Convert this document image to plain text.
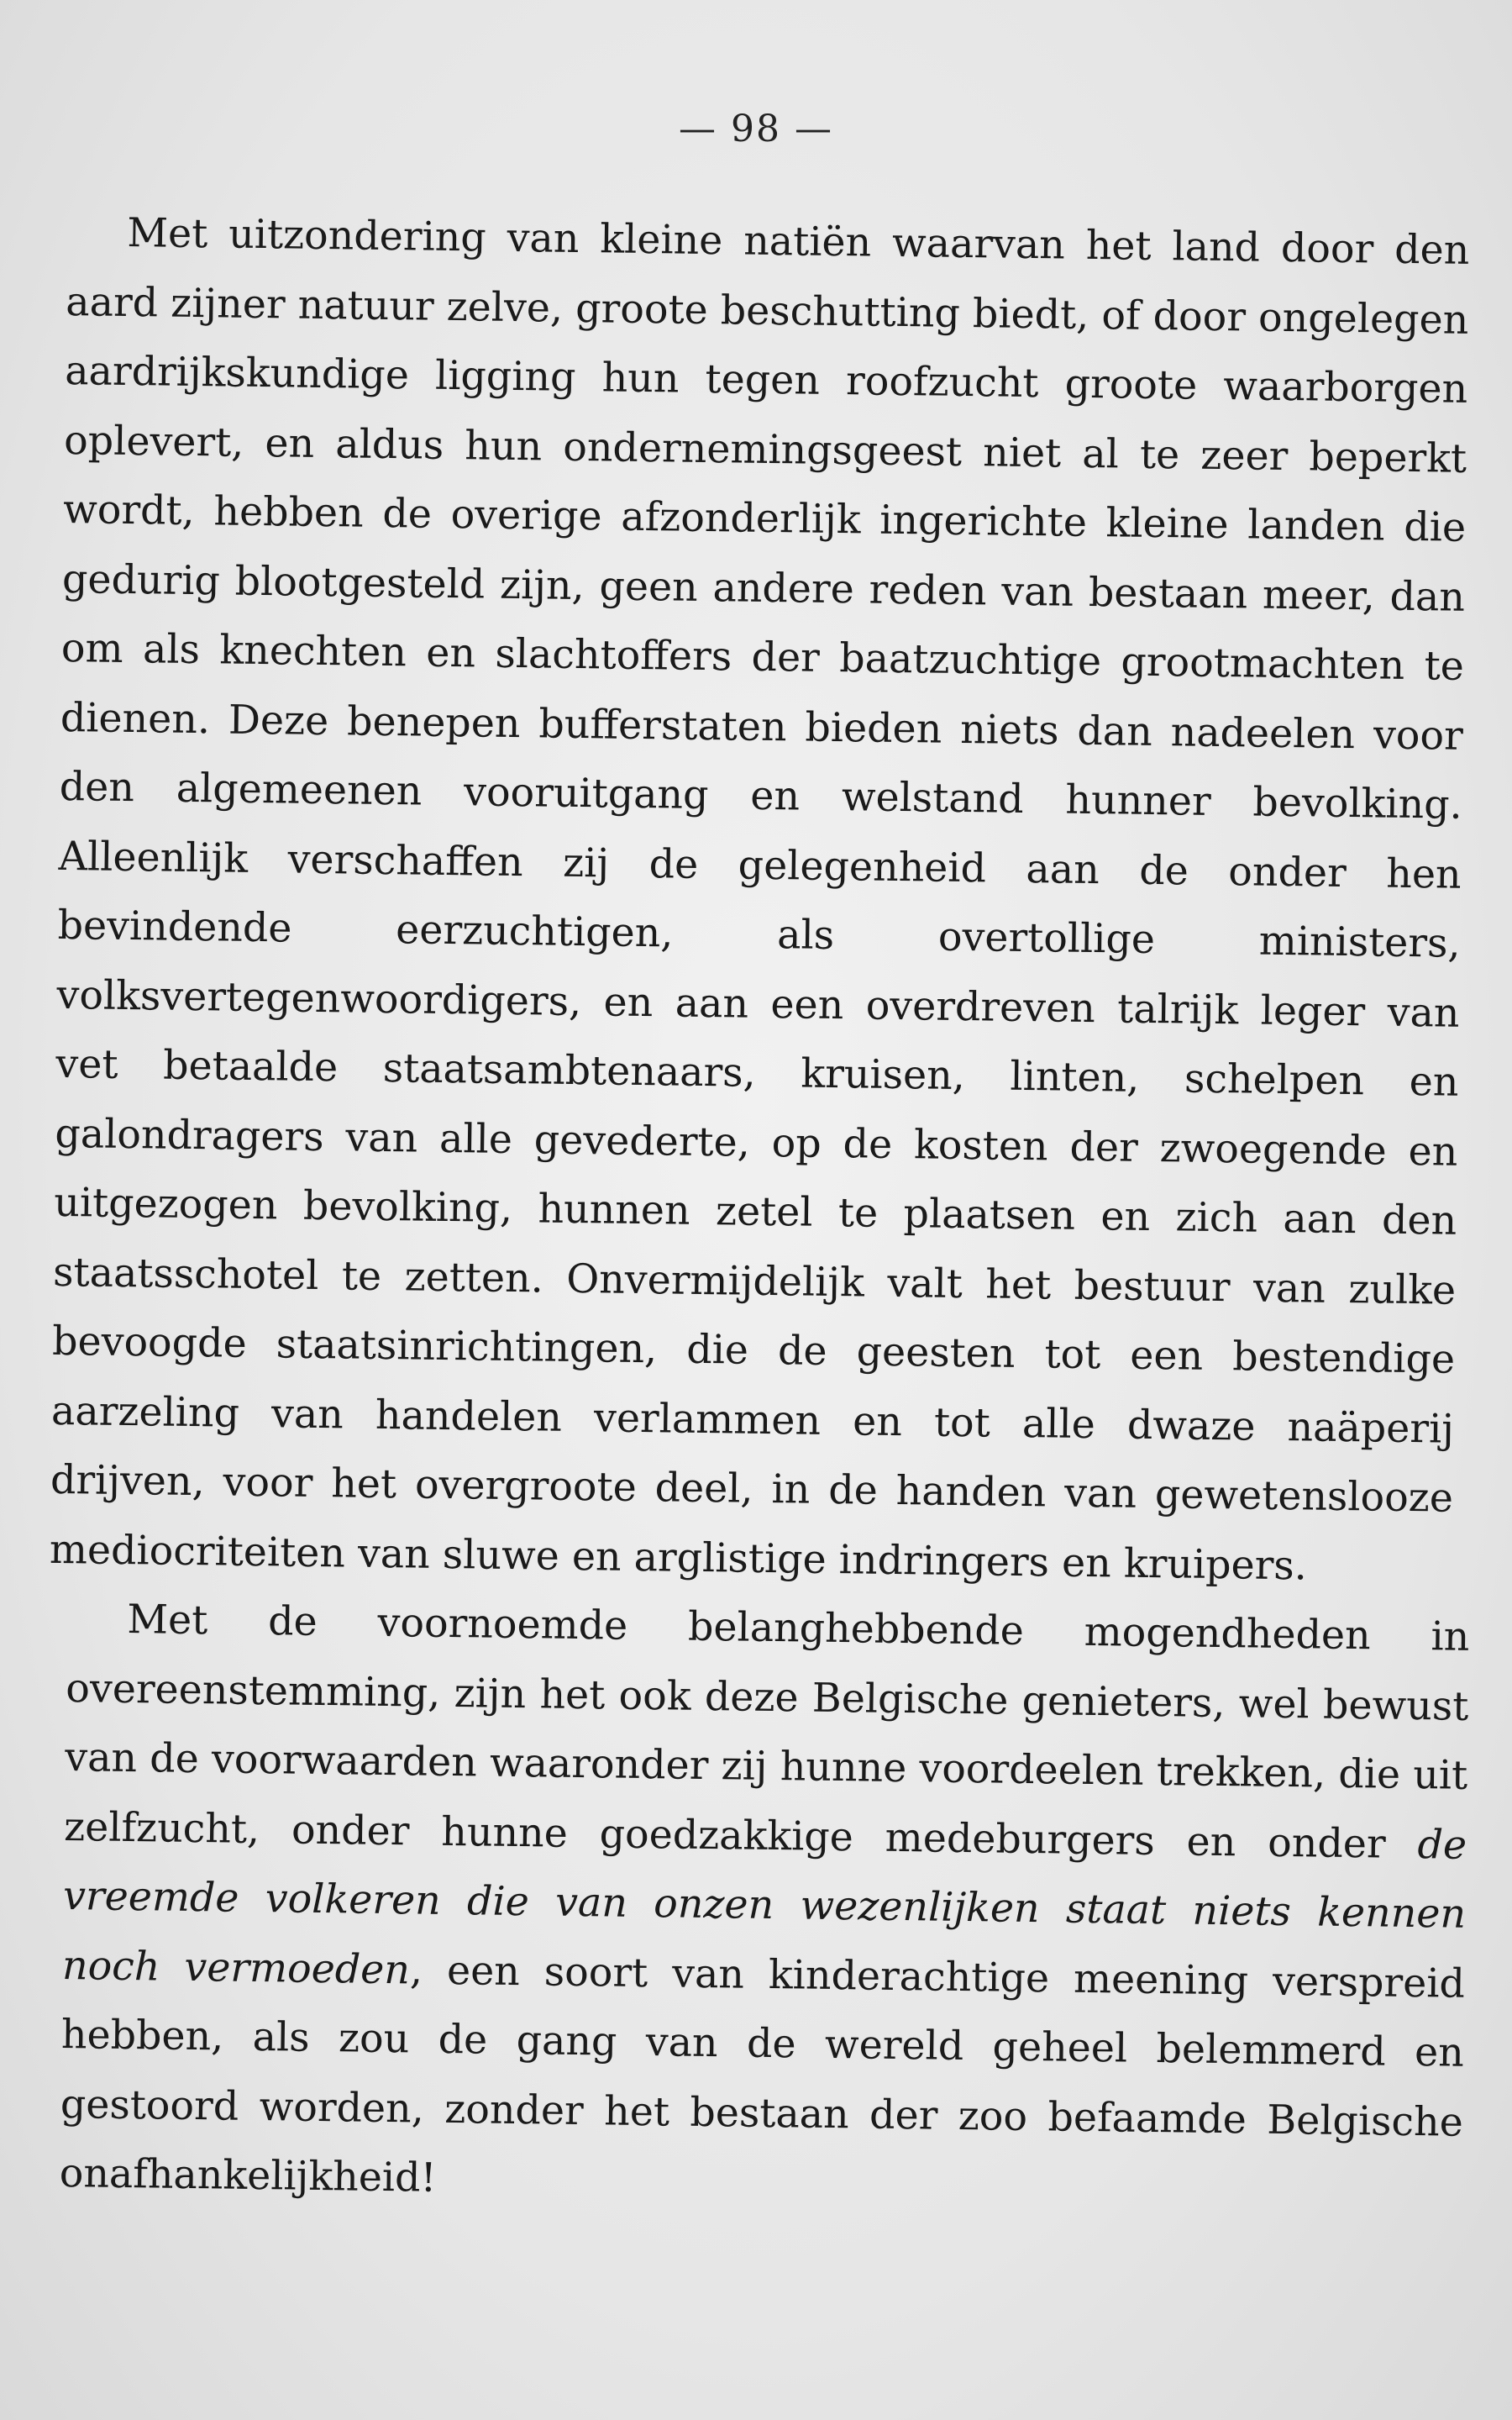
— 98 —

Met uitzondering van kleine natiën waarvan het land door den aard zijner natuur zelve, groote beschutting biedt, of door ongelegen aardrijkskundige ligging hun tegen roofzucht groote waarborgen oplevert, en aldus hun ondernemingsgeest niet al te zeer beperkt wordt, hebben de overige afzonderlijk ingerichte kleine landen die gedurig blootgesteld zijn, geen andere reden van bestaan meer, dan om als knechten en slachtoffers der baatzuchtige grootmachten te dienen. Deze benepen bufferstaten bieden niets dan nadeelen voor den algemeenen vooruitgang en welstand hunner bevolking. Alleenlijk verschaffen zij de gelegenheid aan de onder hen bevindende eerzuchtigen, als overtollige ministers, volksvertegenwoordigers, en aan een overdreven talrijk leger van vet betaalde staatsambtenaars, kruisen, linten, schelpen en galondragers van alle gevederte, op de kosten der zwoegende en uitgezogen bevolking, hunnen zetel te plaatsen en zich aan den staatsschotel te zetten. Onvermijdelijk valt het bestuur van zulke bevoogde staatsinrichtingen, die de geesten tot een bestendige aarzeling van handelen verlammen en tot alle dwaze naäperij drijven, voor het overgroote deel, in de handen van gewetenslooze mediocriteiten van sluwe en arglistige indringers en kruipers.

Met de voornoemde belanghebbende mogendheden in overeenstemming, zijn het ook deze Belgische genieters, wel bewust van de voorwaarden waaronder zij hunne voordeelen trekken, die uit zelfzucht, onder hunne goedzakkige medeburgers en onder de vreemde volkeren die van onzen wezenlijken staat niets kennen noch vermoeden, een soort van kinderachtige meening verspreid hebben, als zou de gang van de wereld geheel belemmerd en gestoord worden, zonder het bestaan der zoo befaamde Belgische onafhankelijkheid!
